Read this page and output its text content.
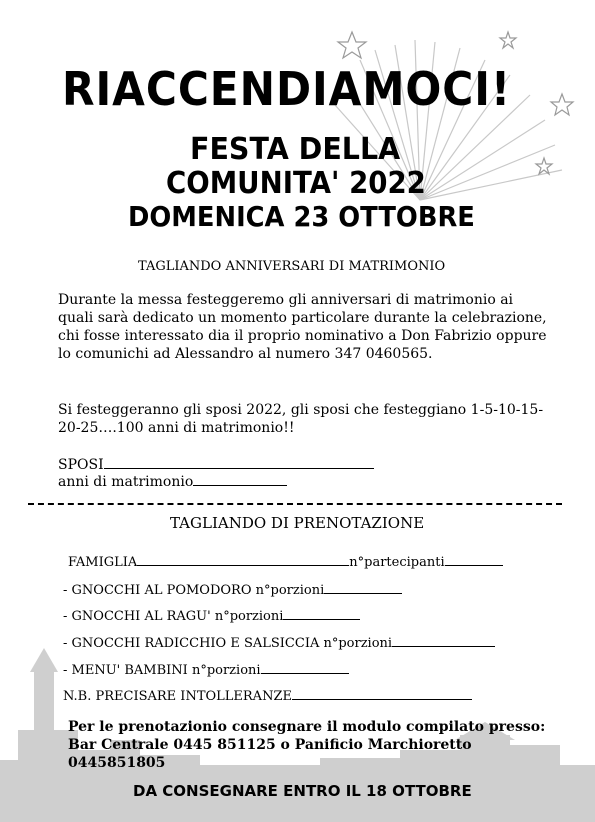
RIACCENDIAMOCI!
FESTA DELLA
COMUNITA' 2022
DOMENICA 23 OTTOBRE
TAGLIANDO ANNIVERSARI DI MATRIMONIO
Durante la messa festeggeremo gli anniversari di matrimonio ai quali sarà dedicato un momento particolare durante la celebrazione, chi fosse interessato dia il proprio nominativo a Don Fabrizio oppure lo comunichi ad Alessandro al numero 347 0460565.
Si festeggeranno gli sposi 2022, gli sposi che festeggiano 1-5-10-15-20-25….100 anni di matrimonio!!
SPOSI
anni di matrimonio
TAGLIANDO DI PRENOTAZIONE
FAMIGLIA	n°partecipanti
- GNOCCHI AL POMODORO n°porzioni
- GNOCCHI AL RAGU' n°porzioni
- GNOCCHI RADICCHIO E SALSICCIA n°porzioni
- MENU' BAMBINI n°porzioni
N.B. PRECISARE INTOLLERANZE
Per le prenotazionio consegnare il modulo compilato presso: Bar Centrale 0445 851125 o Panificio Marchioretto 0445851805
DA CONSEGNARE ENTRO IL 18 OTTOBRE
